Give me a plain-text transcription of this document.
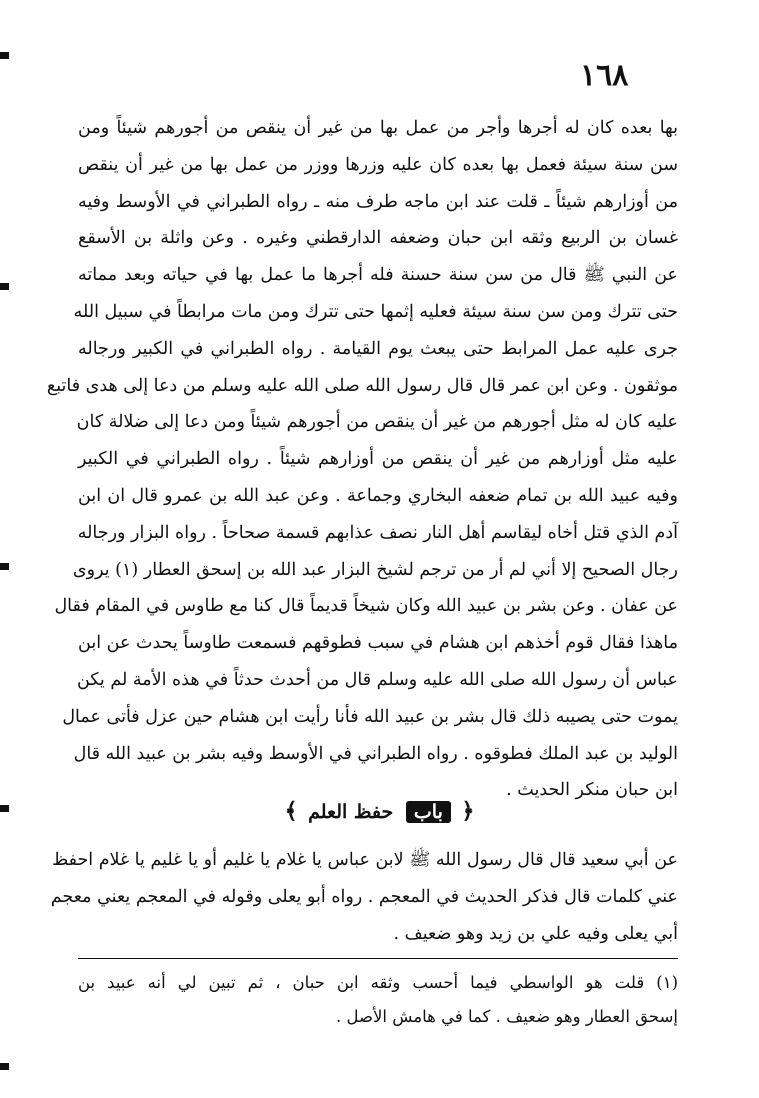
١٦٨
بها بعده كان له أجرها وأجر من عمل بها من غير أن ينقص من أجورهم شيئاً ومن
سن سنة سيئة فعمل بها بعده كان عليه وزرها ووزر من عمل بها من غير أن ينقص
من أوزارهم شيئاً ـ قلت عند ابن ماجه طرف منه ـ رواه الطبراني في الأوسط وفيه
غسان بن الربيع وثقه ابن حبان وضعفه الدارقطني وغيره . وعن واثلة بن الأسقع
عن النبي ﷺ قال من سن سنة حسنة فله أجرها ما عمل بها في حياته وبعد مماته
حتى تترك ومن سن سنة سيئة فعليه إثمها حتى تترك ومن مات مرابطاً في سبيل الله
جرى عليه عمل المرابط حتى يبعث يوم القيامة . رواه الطبراني في الكبير ورجاله
موثقون . وعن ابن عمر قال قال رسول الله صلى الله عليه وسلم من دعا إلى هدى فاتبع
عليه كان له مثل أجورهم من غير أن ينقص من أجورهم شيئاً ومن دعا إلى ضلالة كان
عليه مثل أوزارهم من غير أن ينقص من أوزارهم شيئاً . رواه الطبراني في الكبير
وفيه عبيد الله بن تمام ضعفه البخاري وجماعة . وعن عبد الله بن عمرو قال ان ابن
آدم الذي قتل أخاه ليقاسم أهل النار نصف عذابهم قسمة صحاحاً . رواه البزار ورجاله
رجال الصحيح إلا أني لم أر من ترجم لشيخ البزار عبد الله بن إسحق العطار (١) يروى
عن عفان . وعن بشر بن عبيد الله وكان شيخاً قديماً قال كنا مع طاوس في المقام فقال
ماهذا فقال قوم أخذهم ابن هشام في سبب فطوقهم فسمعت طاوساً يحدث عن ابن
عباس أن رسول الله صلى الله عليه وسلم قال من أحدث حدثاً في هذه الأمة لم يكن
يموت حتى يصيبه ذلك قال بشر بن عبيد الله فأنا رأيت ابن هشام حين عزل فأتى عمال
الوليد بن عبد الملك فطوقوه . رواه الطبراني في الأوسط وفيه بشر بن عبيد الله قال
ابن حبان منكر الحديث .
﴿ باب حفظ العلم ﴾
عن أبي سعيد قال قال رسول الله ﷺ لابن عباس يا غلام يا غليم أو يا غليم يا غلام احفظ
عني كلمات قال فذكر الحديث في المعجم . رواه أبو يعلى وقوله في المعجم يعني معجم
أبي يعلى وفيه علي بن زيد وهو ضعيف .
(١) قلت هو الواسطي فيما أحسب وثقه ابن حبان ، ثم تبين لي أنه عبيد بن
إسحق العطار وهو ضعيف . كما في هامش الأصل .
